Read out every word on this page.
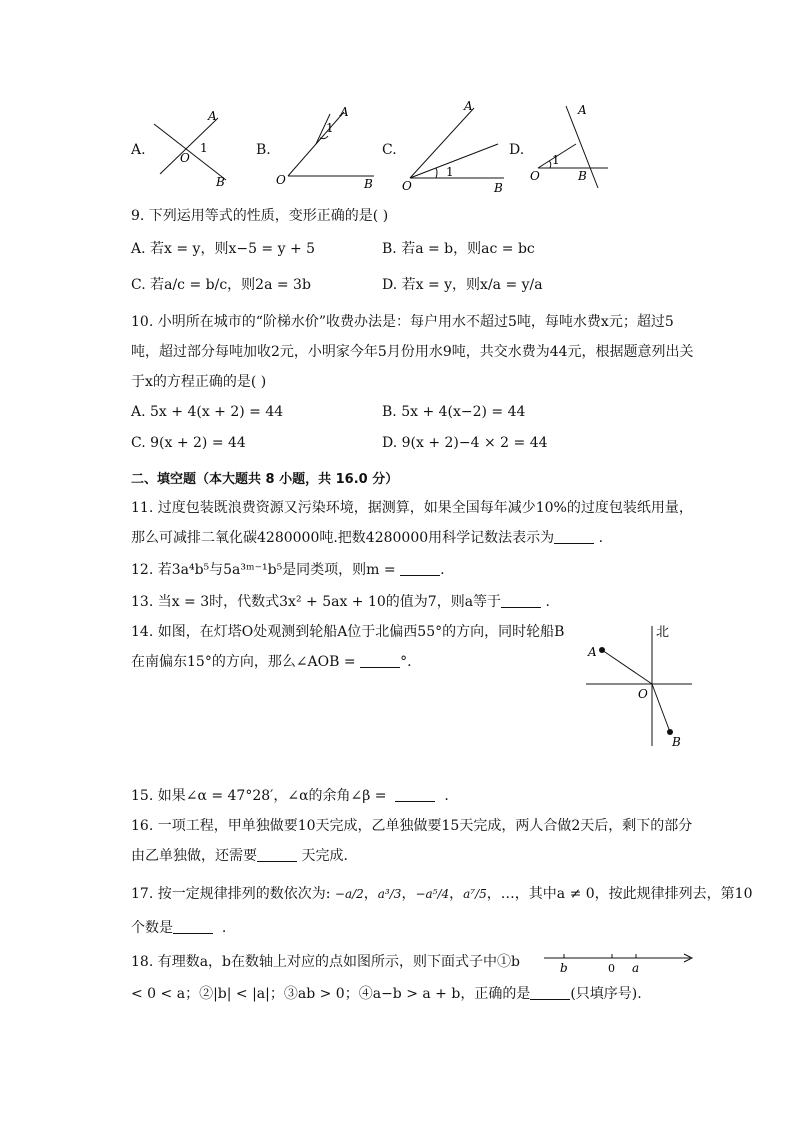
A.
A
O
1
B
B.
A
1
O	B
C.
A
O
1
B
D.
A
O
1
B
9. 下列运用等式的性质，变形正确的是( )
A. 若x = y，则x−5 = y + 5	B. 若a = b，则ac = bc
C. 若a/c = b/c，则2a = 3b	D. 若x = y，则x/a = y/a
10. 小明所在城市的“阶梯水价”收费办法是：每户用水不超过5吨，每吨水费x元；超过5
吨，超过部分每吨加收2元，小明家今年5月份用水9吨，共交水费为44元，根据题意列出关
于x的方程正确的是( )
A. 5x + 4(x + 2) = 44	B. 5x + 4(x−2) = 44
C. 9(x + 2) = 44	D. 9(x + 2)−4 × 2 = 44
二、填空题（本大题共 8 小题，共 16.0 分）
11. 过度包装既浪费资源又污染环境，据测算，如果全国每年减少10%的过度包装纸用量，
那么可减排二氧化碳4280000吨.把数4280000用科学记数法表示为	.
12. 若3a⁴b⁵与5a³ᵐ⁻¹b⁵是同类项，则m =	.
13. 当x = 3时，代数式3x² + 5ax + 10的值为7，则a等于	.
14. 如图，在灯塔O处观测到轮船A位于北偏西55°的方向，同时轮船B
在南偏东15°的方向，那么∠AOB =	°.
北
A
O
B
15. 如果∠α = 47°28′，∠α的余角∠β =	.
16. 一项工程，甲单独做要10天完成，乙单独做要15天完成，两人合做2天后，剩下的部分
由乙单独做，还需要	天完成.
17. 按一定规律排列的数依次为: −a/2，a³/3，−a⁵/4，a⁷/5，…，其中a ≠ 0，按此规律排列去，第10
个数是	.
18. 有理数a，b在数轴上对应的点如图所示，则下面式子中①b	b	0 a
< 0 < a；②|b| < |a|；③ab > 0；④a−b > a + b，正确的是	(只填序号).
